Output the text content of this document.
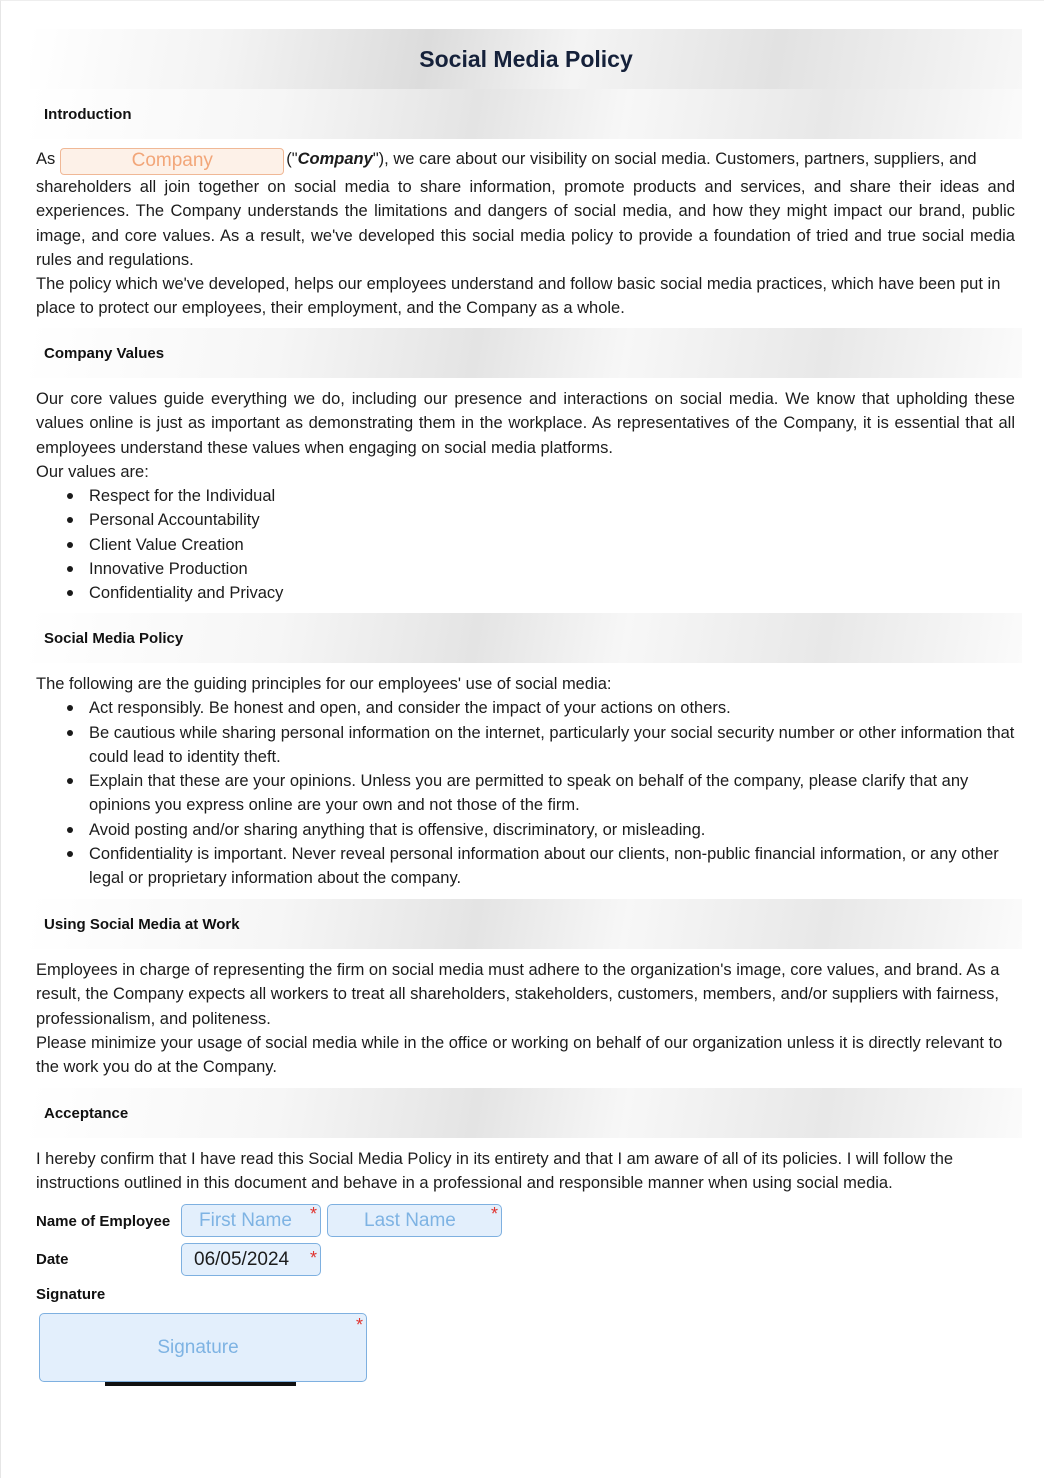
Social Media Policy
Introduction
As	Company	("Company"), we care about our visibility on social media. Customers, partners, suppliers, and
shareholders all join together on social media to share information, promote products and services, and share their ideas and experiences. The Company understands the limitations and dangers of social media, and how they might impact our brand, public image, and core values. As a result, we've developed this social media policy to provide a foundation of tried and true social media rules and regulations.
The policy which we've developed, helps our employees understand and follow basic social media practices, which have been put in place to protect our employees, their employment, and the Company as a whole.
Company Values
Our core values guide everything we do, including our presence and interactions on social media. We know that upholding these values online is just as important as demonstrating them in the workplace. As representatives of the Company, it is essential that all employees understand these values when engaging on social media platforms.
Our values are:
Respect for the Individual
Personal Accountability
Client Value Creation
Innovative Production
Confidentiality and Privacy
Social Media Policy
The following are the guiding principles for our employees' use of social media:
Act responsibly. Be honest and open, and consider the impact of your actions on others.
Be cautious while sharing personal information on the internet, particularly your social security number or other information that could lead to identity theft.
Explain that these are your opinions. Unless you are permitted to speak on behalf of the company, please clarify that any opinions you express online are your own and not those of the firm.
Avoid posting and/or sharing anything that is offensive, discriminatory, or misleading.
Confidentiality is important. Never reveal personal information about our clients, non-public financial information, or any other legal or proprietary information about the company.
Using Social Media at Work
Employees in charge of representing the firm on social media must adhere to the organization's image, core values, and brand. As a result, the Company expects all workers to treat all shareholders, stakeholders, customers, members, and/or suppliers with fairness, professionalism, and politeness.
Please minimize your usage of social media while in the office or working on behalf of our organization unless it is directly relevant to the work you do at the Company.
Acceptance
I hereby confirm that I have read this Social Media Policy in its entirety and that I am aware of all of its policies. I will follow the instructions outlined in this document and behave in a professional and responsible manner when using social media.
Name of Employee First Name * Last Name *
Date	06/05/2024 *
Signature
Signature
*
